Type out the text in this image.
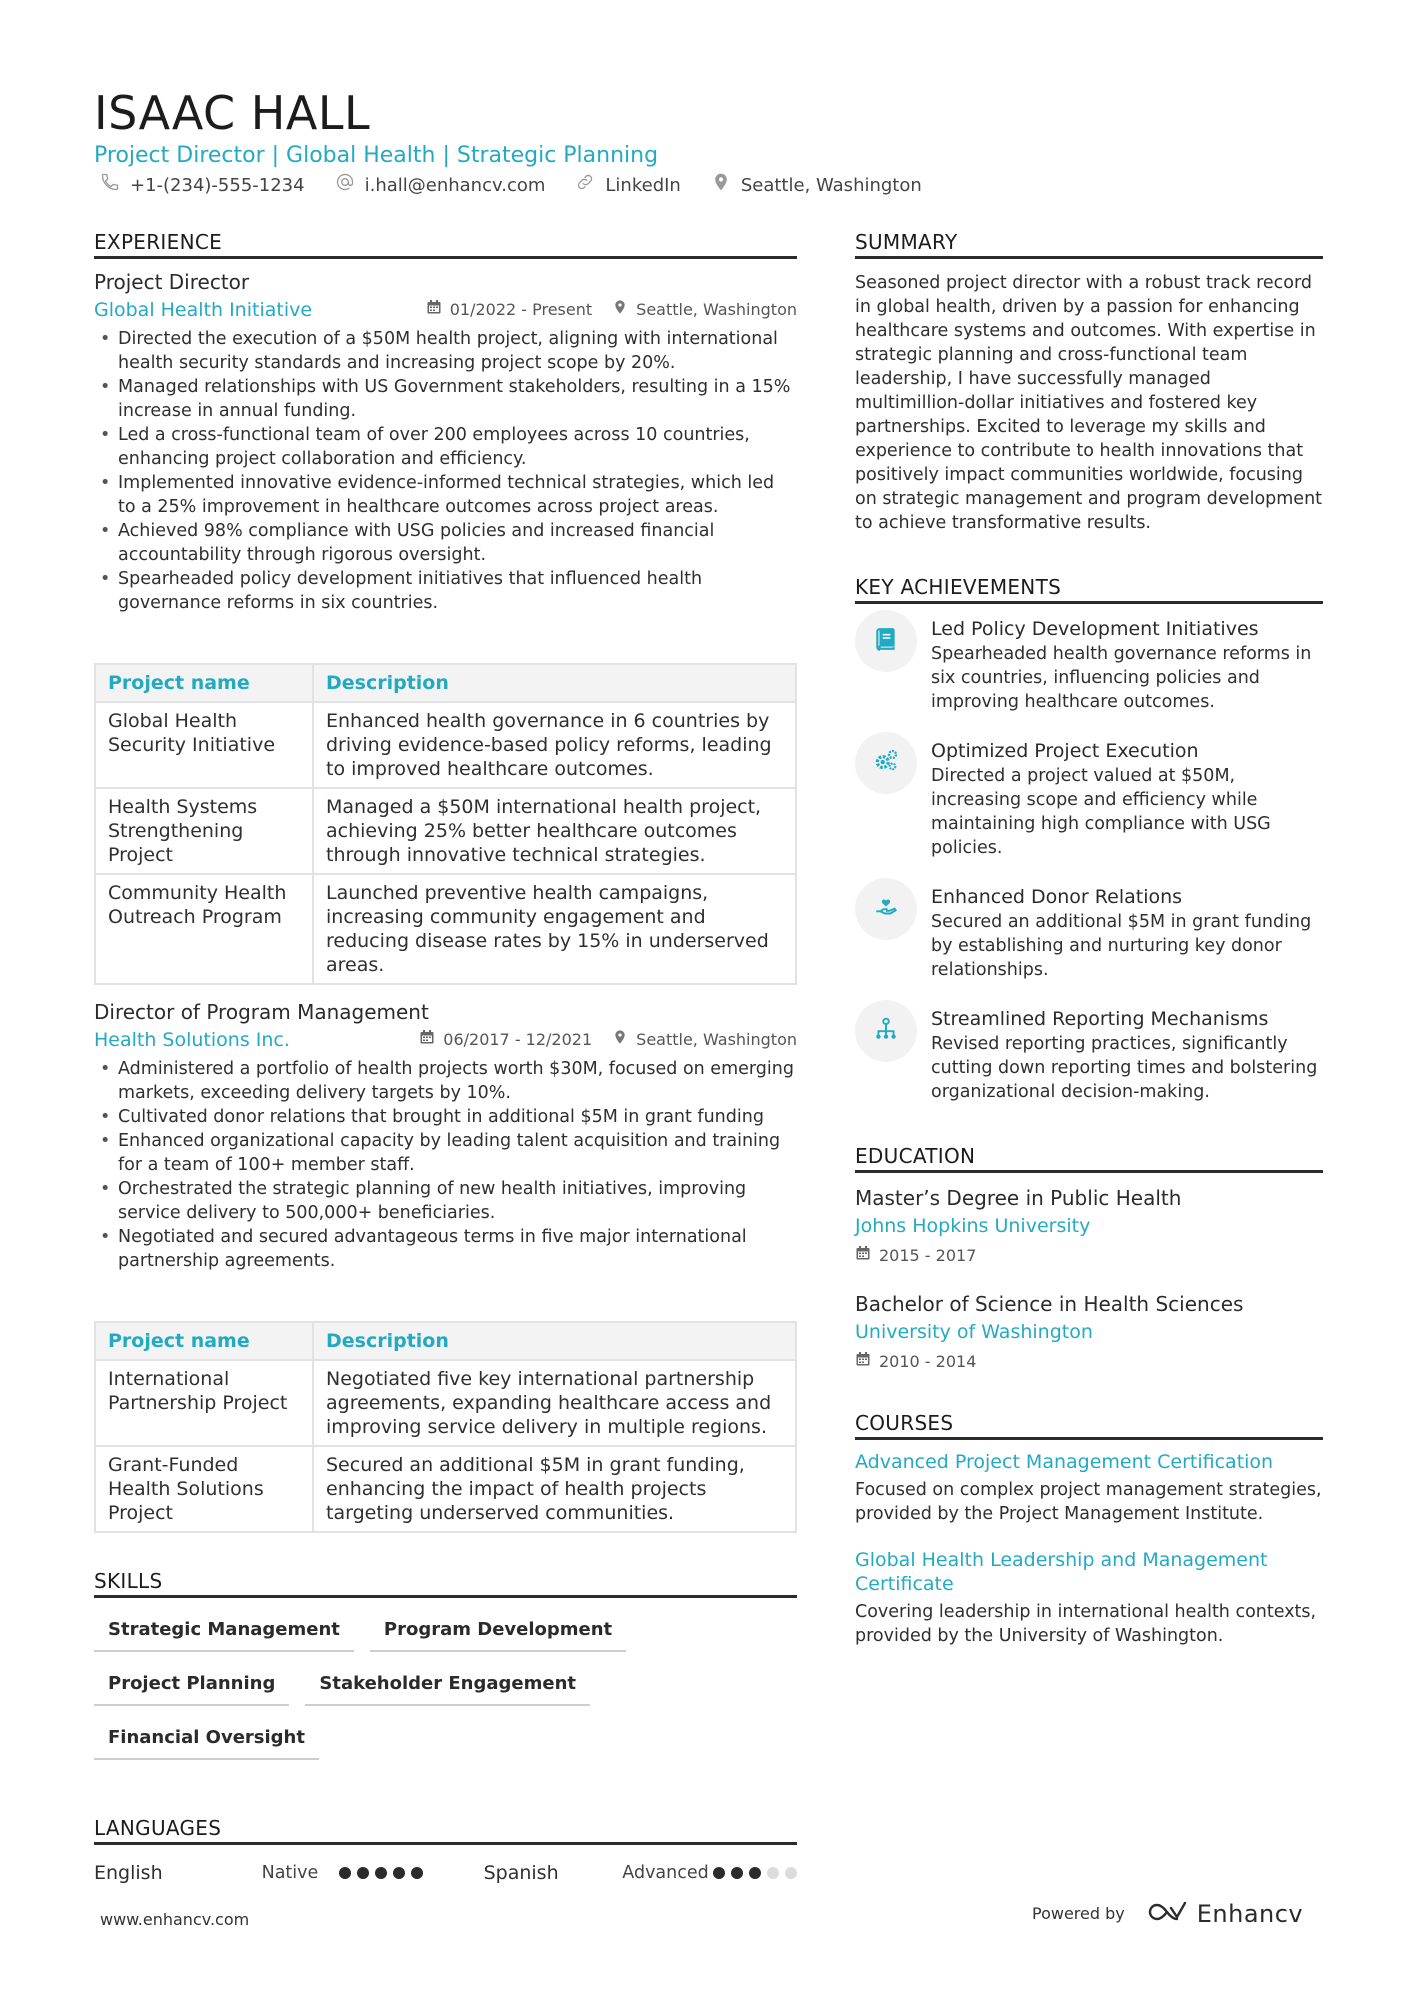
ISAAC HALL
Project Director | Global Health | Strategic Planning
+1-(234)-555-1234	i.hall@enhancv.com	LinkedIn	Seattle, Washington
EXPERIENCE
Project Director
Global Health Initiative	01/2022 - Present	Seattle, Washington
• Directed the execution of a $50M health project, aligning with international health security standards and increasing project scope by 20%.
• Managed relationships with US Government stakeholders, resulting in a 15% increase in annual funding.
• Led a cross-functional team of over 200 employees across 10 countries, enhancing project collaboration and efficiency.
• Implemented innovative evidence-informed technical strategies, which led to a 25% improvement in healthcare outcomes across project areas.
• Achieved 98% compliance with USG policies and increased financial accountability through rigorous oversight.
• Spearheaded policy development initiatives that influenced health governance reforms in six countries.
Project name	Description
Global Health Security Initiative	Enhanced health governance in 6 countries by driving evidence-based policy reforms, leading to improved healthcare outcomes.
Health Systems Strengthening Project	Managed a $50M international health project, achieving 25% better healthcare outcomes through innovative technical strategies.
Community Health Outreach Program	Launched preventive health campaigns, increasing community engagement and reducing disease rates by 15% in underserved areas.
Director of Program Management
Health Solutions Inc.	06/2017 - 12/2021	Seattle, Washington
• Administered a portfolio of health projects worth $30M, focused on emerging markets, exceeding delivery targets by 10%.
• Cultivated donor relations that brought in additional $5M in grant funding
• Enhanced organizational capacity by leading talent acquisition and training for a team of 100+ member staff.
• Orchestrated the strategic planning of new health initiatives, improving service delivery to 500,000+ beneficiaries.
• Negotiated and secured advantageous terms in five major international partnership agreements.
Project name	Description
International Partnership Project	Negotiated five key international partnership agreements, expanding healthcare access and improving service delivery in multiple regions.
Grant-Funded Health Solutions Project	Secured an additional $5M in grant funding, enhancing the impact of health projects targeting underserved communities.
SKILLS
Strategic Management	Program Development
Project Planning	Stakeholder Engagement
Financial Oversight
LANGUAGES
English	Native	Spanish	Advanced
SUMMARY
Seasoned project director with a robust track record in global health, driven by a passion for enhancing healthcare systems and outcomes. With expertise in strategic planning and cross-functional team leadership, I have successfully managed multimillion-dollar initiatives and fostered key partnerships. Excited to leverage my skills and experience to contribute to health innovations that positively impact communities worldwide, focusing on strategic management and program development to achieve transformative results.
KEY ACHIEVEMENTS
Led Policy Development Initiatives
Spearheaded health governance reforms in six countries, influencing policies and improving healthcare outcomes.
Optimized Project Execution
Directed a project valued at $50M, increasing scope and efficiency while maintaining high compliance with USG policies.
Enhanced Donor Relations
Secured an additional $5M in grant funding by establishing and nurturing key donor relationships.
Streamlined Reporting Mechanisms
Revised reporting practices, significantly cutting down reporting times and bolstering organizational decision-making.
EDUCATION
Master’s Degree in Public Health
Johns Hopkins University
2015 - 2017
Bachelor of Science in Health Sciences
University of Washington
2010 - 2014
COURSES
Advanced Project Management Certification
Focused on complex project management strategies, provided by the Project Management Institute.
Global Health Leadership and Management Certificate
Covering leadership in international health contexts, provided by the University of Washington.
www.enhancv.com	Powered by	Enhancv
